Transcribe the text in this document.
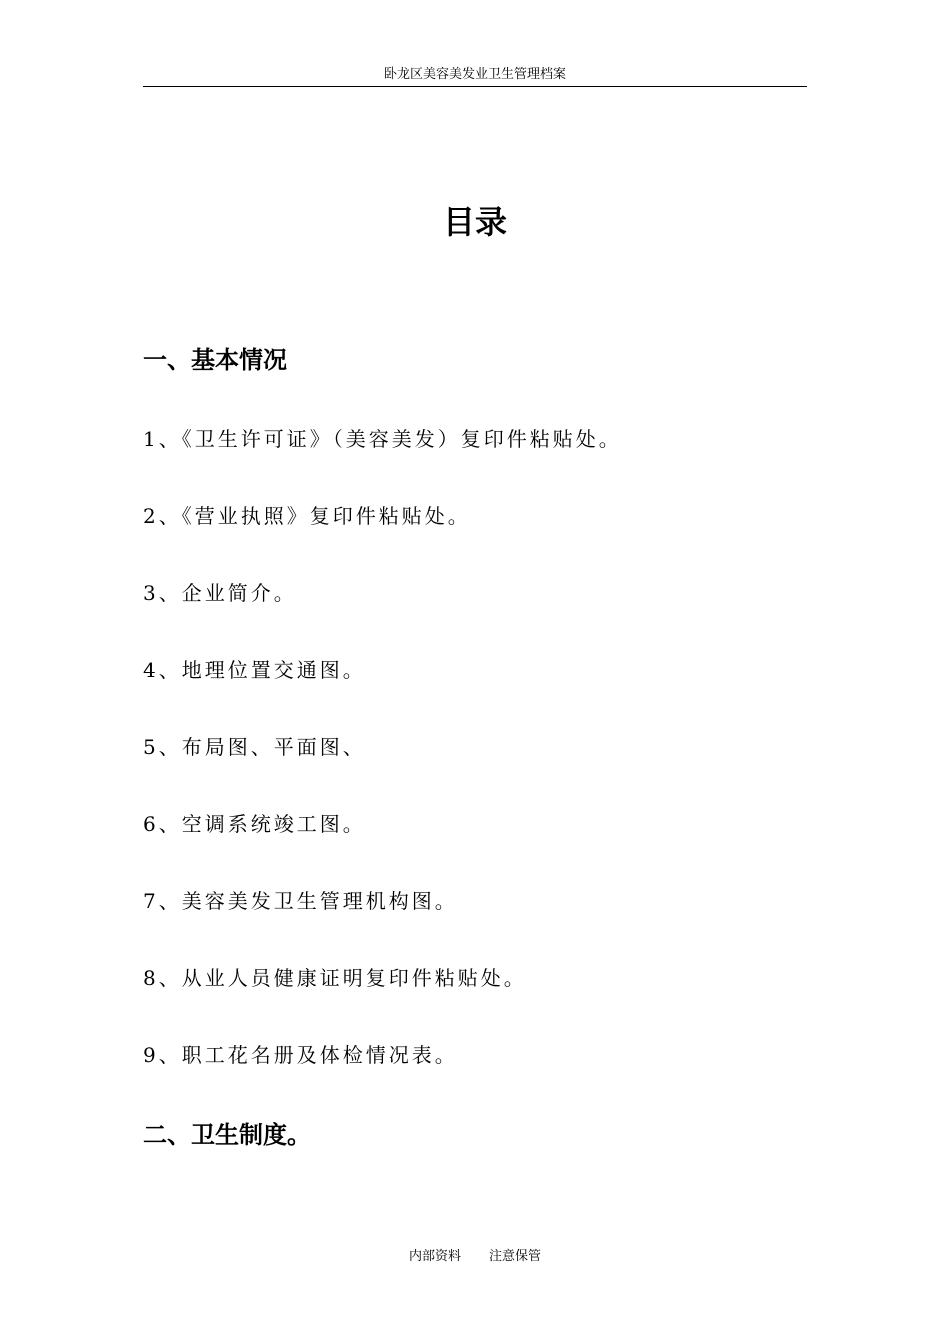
卧龙区美容美发业卫生管理档案
目录
一、基本情况
1、《卫生许可证》（美容美发）复印件粘贴处。
2、《营业执照》复印件粘贴处。
3、企业简介。
4、地理位置交通图。
5、布局图、平面图、
6、空调系统竣工图。
7、美容美发卫生管理机构图。
8、从业人员健康证明复印件粘贴处。
9、职工花名册及体检情况表。
二、卫生制度。
内部资料 注意保管
